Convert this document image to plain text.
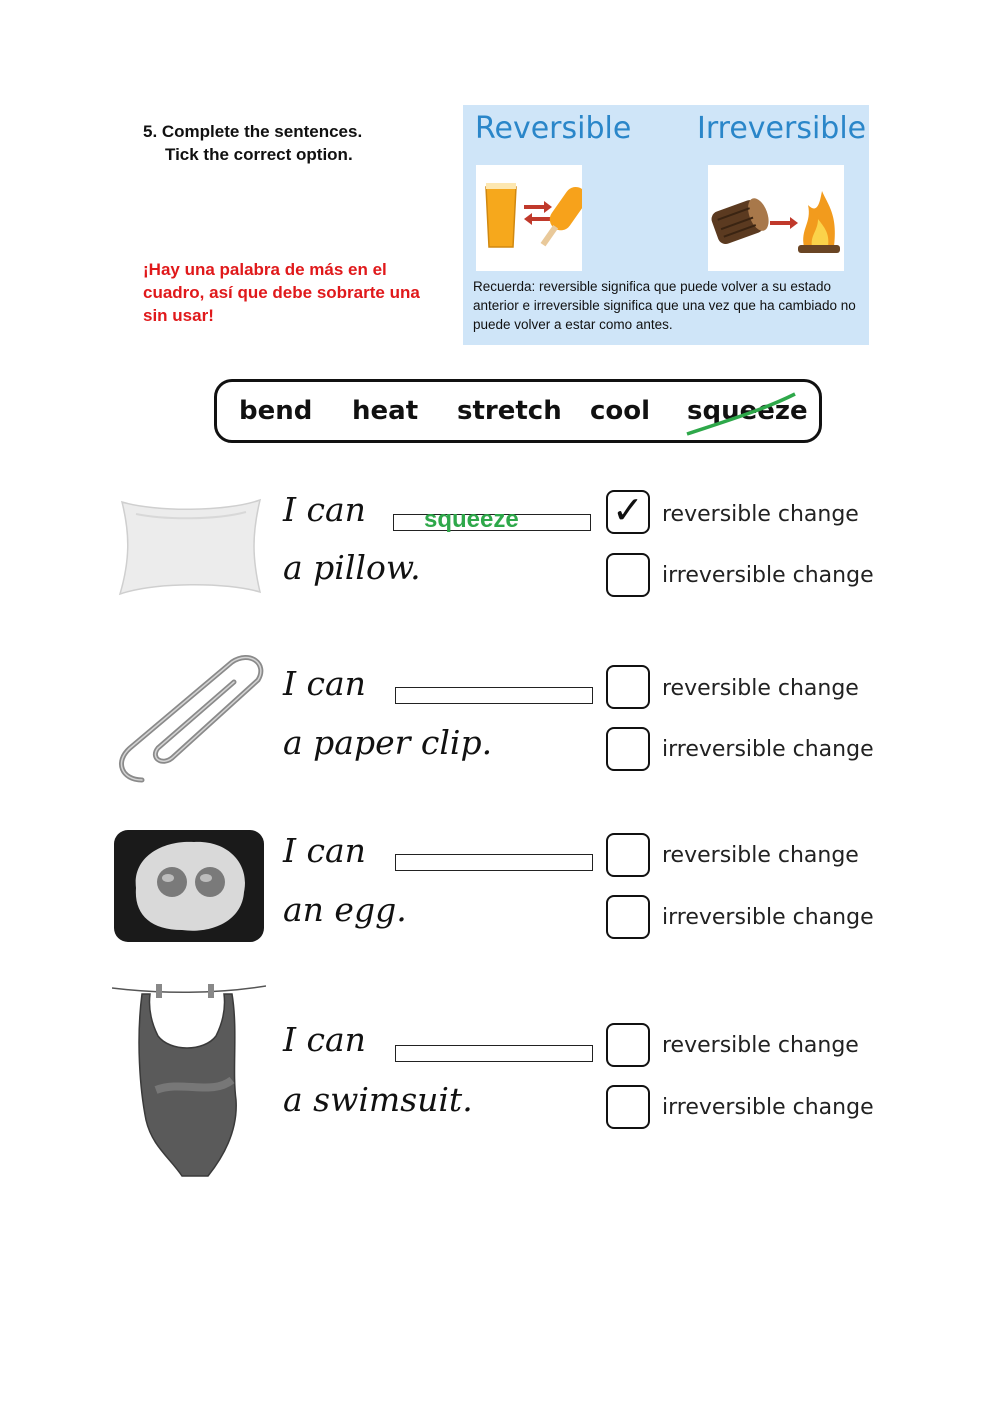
5. Complete the sentences.
Tick the correct option.
¡Hay una palabra de más en el cuadro, así que debe sobrarte una sin usar!
Reversible Irreversible
Recuerda: reversible significa que puede volver a su estado anterior e irreversible significa que una vez que ha cambiado no puede volver a estar como antes.
bend heat stretch cool squeeze
I can squeeze
a pillow.
✓ reversible change
irreversible change
I can
a paper clip.
reversible change
irreversible change
I can
an egg.
reversible change
irreversible change
I can
a swimsuit.
reversible change
irreversible change
